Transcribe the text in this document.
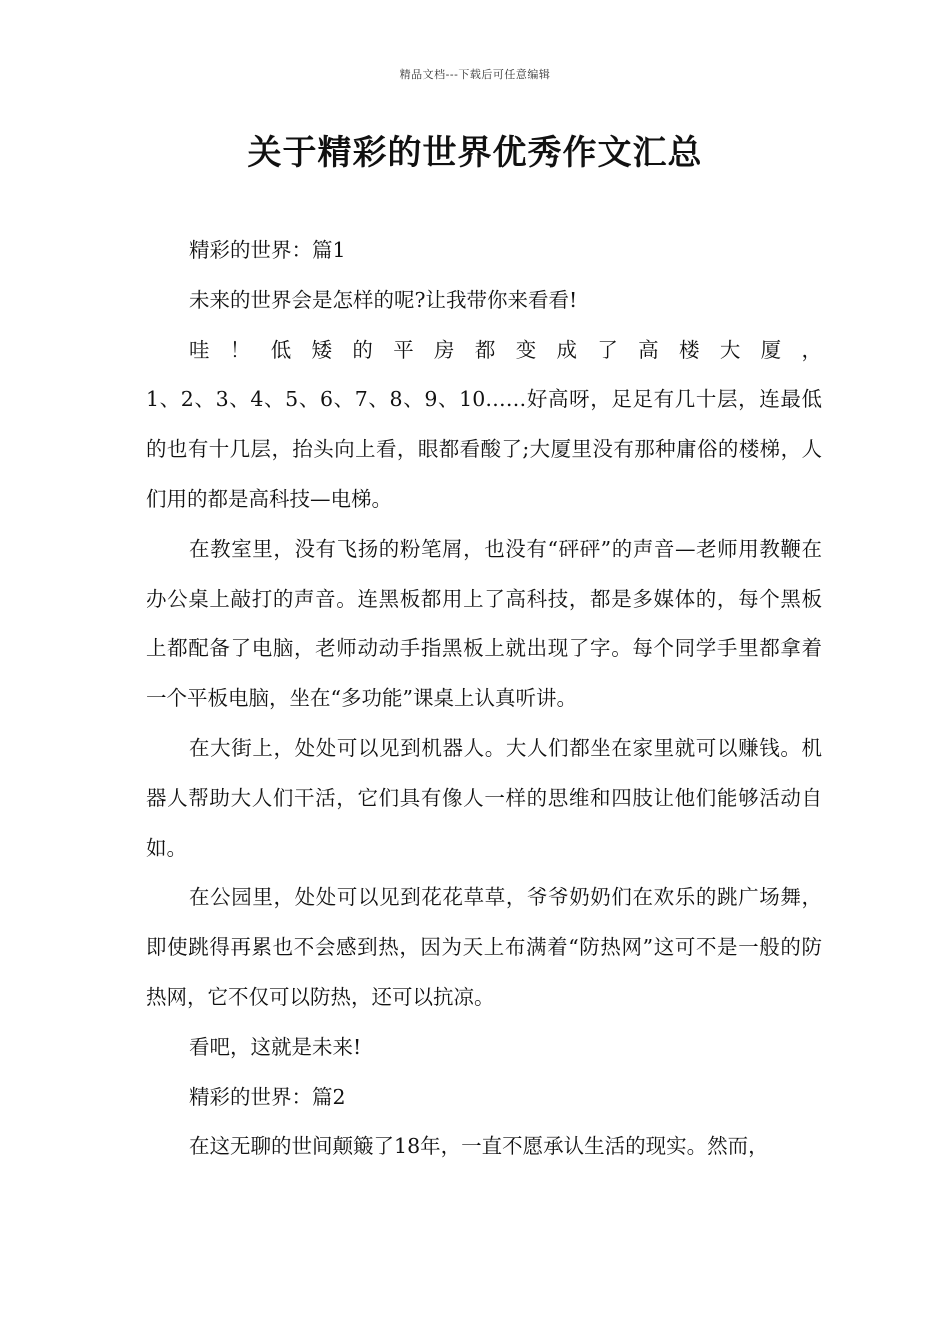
精品文档---下载后可任意编辑
关于精彩的世界优秀作文汇总

精彩的世界：篇1

未来的世界会是怎样的呢?让我带你来看看!

哇！低矮的平房都变成了高楼大厦，

1、2、3、4、5、6、7、8、9、10……好高呀，足足有几十层，连最低的也有十几层，抬头向上看，眼都看酸了;大厦里没有那种庸俗的楼梯，人们用的都是高科技—电梯。

在教室里，没有飞扬的粉笔屑，也没有“砰砰”的声音—老师用教鞭在办公桌上敲打的声音。连黑板都用上了高科技，都是多媒体的，每个黑板上都配备了电脑，老师动动手指黑板上就出现了字。每个同学手里都拿着一个平板电脑，坐在“多功能”课桌上认真听讲。

在大街上，处处可以见到机器人。大人们都坐在家里就可以赚钱。机器人帮助大人们干活，它们具有像人一样的思维和四肢让他们能够活动自如。

在公园里，处处可以见到花花草草，爷爷奶奶们在欢乐的跳广场舞，即使跳得再累也不会感到热，因为天上布满着“防热网”这可不是一般的防热网，它不仅可以防热，还可以抗凉。

看吧，这就是未来!

精彩的世界：篇2

在这无聊的世间颠簸了18年，一直不愿承认生活的现实。然而，
